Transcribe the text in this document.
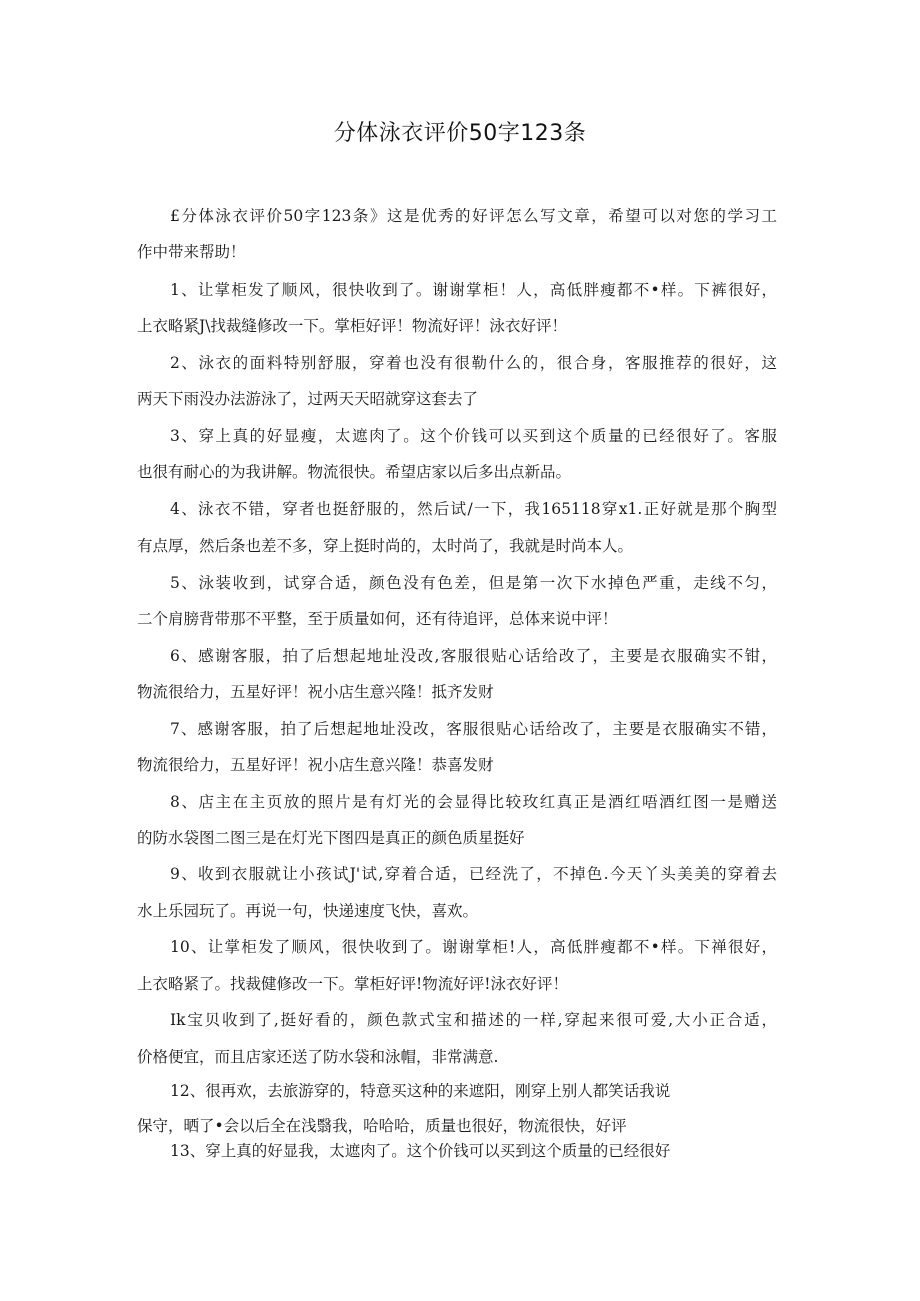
分体泳衣评价50字123条
£分体泳衣评价50字123条》这是优秀的好评怎么写文章，希望可以对您的学习工
作中带来帮助！
1、让掌柜发了顺风，很快收到了。谢谢掌柜！人，高低胖瘦都不•样。下裤很好，
上衣略紧J\找裁缝修改一下。掌柜好评！物流好评！泳衣好评！
2、泳衣的面料特别舒服，穿着也没有很勒什么的，很合身，客服推荐的很好，这
两天下雨没办法游泳了，过两天天昭就穿这套去了
3、穿上真的好显瘦，太遮肉了。这个价钱可以买到这个质量的已经很好了。客服
也很有耐心的为我讲解。物流很快。希望店家以后多出点新品。
4、泳衣不错，穿者也挺舒服的，然后试/一下，我165118穿x1.正好就是那个胸型
有点厚，然后条也差不多，穿上挺时尚的，太时尚了，我就是时尚本人。
5、泳装收到，试穿合适，颜色没有色差，但是第一次下水掉色严重，走线不匀，
二个肩膀背带那不平整，至于质量如何，还有待追评，总体来说中评！
6、感谢客服，拍了后想起地址没改,客服很贴心话给改了，主要是衣服确实不钳，
物流很给力，五星好评！祝小店生意兴隆！抵齐发财
7、感谢客服，拍了后想起地址没改，客服很贴心话给改了，主要是衣服确实不错，
物流很给力，五星好评！祝小店生意兴隆！恭喜发财
8、店主在主页放的照片是有灯光的会显得比较玫红真正是酒红唔酒红图一是赠送
的防水袋图二图三是在灯光下图四是真正的颜色质星挺好
9、收到衣服就让小孩试J'试,穿着合适，已经洗了，不掉色.今天丫头美美的穿着去
水上乐园玩了。再说一句，快递速度飞快，喜欢。
10、让掌柜发了顺风，很快收到了。谢谢掌柜!人，高低胖瘦都不•样。下禅很好，
上衣略紧了。找裁健修改一下。掌柜好评!物流好评!泳衣好评！
Ik宝贝收到了,挺好看的，颜色款式宝和描述的一样,穿起来很可爱,大小正合适，
价格便宜，而且店家还送了防水袋和泳帽，非常满意.
12、很再欢，去旅游穿的，特意买这种的来遮阳，刚穿上别人都笑话我说
保守，晒了•会以后全在浅翳我，哈哈哈，质量也很好，物流很快，好评
13、穿上真的好显我，太遮肉了。这个价钱可以买到这个质量的已经很好
